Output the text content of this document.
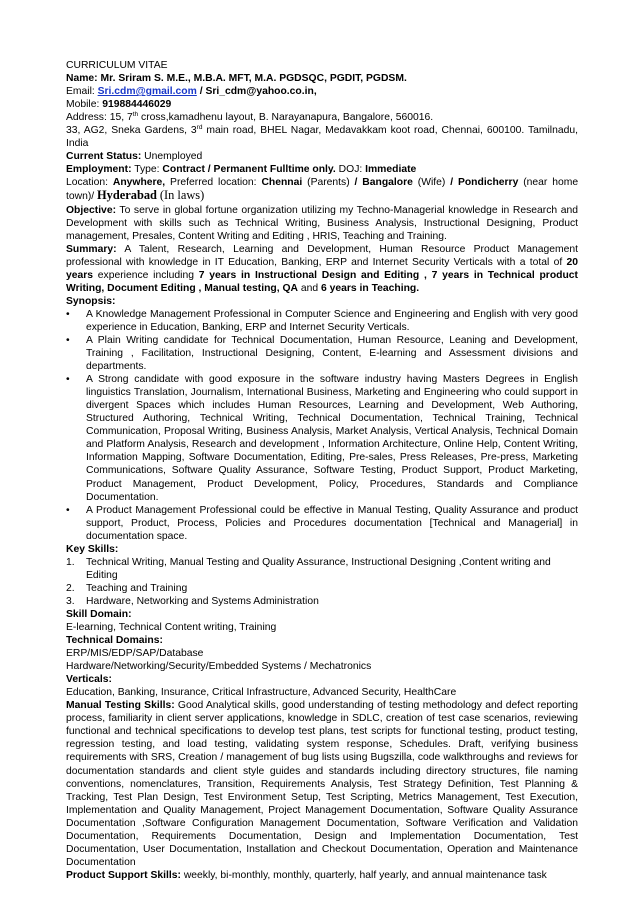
CURRICULUM VITAE

Name: Mr. Sriram S. M.E., M.B.A. MFT, M.A. PGDSQC, PGDIT, PGDSM.

Email: Sri.cdm@gmail.com / Sri_cdm@yahoo.co.in,

Mobile: 919884446029

Address: 15, 7th cross,kamadhenu layout, B. Narayanapura, Bangalore, 560016.

33, AG2, Sneka Gardens, 3rd main road, BHEL Nagar, Medavakkam koot road, Chennai, 600100. Tamilnadu, India

Current Status: Unemployed

Employment: Type: Contract / Permanent Fulltime only. DOJ: Immediate

Location: Anywhere, Preferred location: Chennai (Parents) / Bangalore (Wife) / Pondicherry (near home town)/ Hyderabad (In laws)

Objective: To serve in global fortune organization utilizing my Techno-Managerial knowledge in Research and Development with skills such as Technical Writing, Business Analysis, Instructional Designing, Product management, Presales, Content Writing and Editing , HRIS, Teaching and Training.

Summary: A Talent, Research, Learning and Development, Human Resource Product Management professional with knowledge in IT Education, Banking, ERP and Internet Security Verticals with a total of 20 years experience including 7 years in Instructional Design and Editing , 7 years in Technical product Writing, Document Editing , Manual testing, QA and 6 years in Teaching.

Synopsis:

• A Knowledge Management Professional in Computer Science and Engineering and English with very good experience in Education, Banking, ERP and Internet Security Verticals.

• A Plain Writing candidate for Technical Documentation, Human Resource, Leaning and Development, Training , Facilitation, Instructional Designing, Content, E-learning and Assessment divisions and departments.

• A Strong candidate with good exposure in the software industry having Masters Degrees in English linguistics Translation, Journalism, International Business, Marketing and Engineering who could support in divergent Spaces which includes Human Resources, Learning and Development, Web Authoring, Structured Authoring, Technical Writing, Technical Documentation, Technical Training, Technical Communication, Proposal Writing, Business Analysis, Market Analysis, Vertical Analysis, Technical Domain and Platform Analysis, Research and development , Information Architecture, Online Help, Content Writing, Information Mapping, Software Documentation, Editing, Pre-sales, Press Releases, Pre-press, Marketing Communications, Software Quality Assurance, Software Testing, Product Support, Product Marketing, Product Management, Product Development, Policy, Procedures, Standards and Compliance Documentation.

• A Product Management Professional could be effective in Manual Testing, Quality Assurance and product support, Product, Process, Policies and Procedures documentation [Technical and Managerial] in documentation space.

Key Skills:

1. Technical Writing, Manual Testing and Quality Assurance, Instructional Designing ,Content writing and Editing

2. Teaching and Training

3. Hardware, Networking and Systems Administration

Skill Domain:

E-learning, Technical Content writing, Training

Technical Domains:

ERP/MIS/EDP/SAP/Database

Hardware/Networking/Security/Embedded Systems / Mechatronics

Verticals:

Education, Banking, Insurance, Critical Infrastructure, Advanced Security, HealthCare

Manual Testing Skills: Good Analytical skills, good understanding of testing methodology and defect reporting process, familiarity in client server applications, knowledge in SDLC, creation of test case scenarios, reviewing functional and technical specifications to develop test plans, test scripts for functional testing, product testing, regression testing, and load testing, validating system response, Schedules. Draft, verifying business requirements with SRS, Creation / management of bug lists using Bugszilla, code walkthroughs and reviews for documentation standards and client style guides and standards including directory structures, file naming conventions, nomenclatures, Transition, Requirements Analysis, Test Strategy Definition, Test Planning & Tracking, Test Plan Design, Test Environment Setup, Test Scripting, Metrics Management, Test Execution, Implementation and Quality Management, Project Management Documentation, Software Quality Assurance Documentation ,Software Configuration Management Documentation, Software Verification and Validation Documentation, Requirements Documentation, Design and Implementation Documentation, Test Documentation, User Documentation, Installation and Checkout Documentation, Operation and Maintenance Documentation

Product Support Skills: weekly, bi-monthly, monthly, quarterly, half yearly, and annual maintenance task
